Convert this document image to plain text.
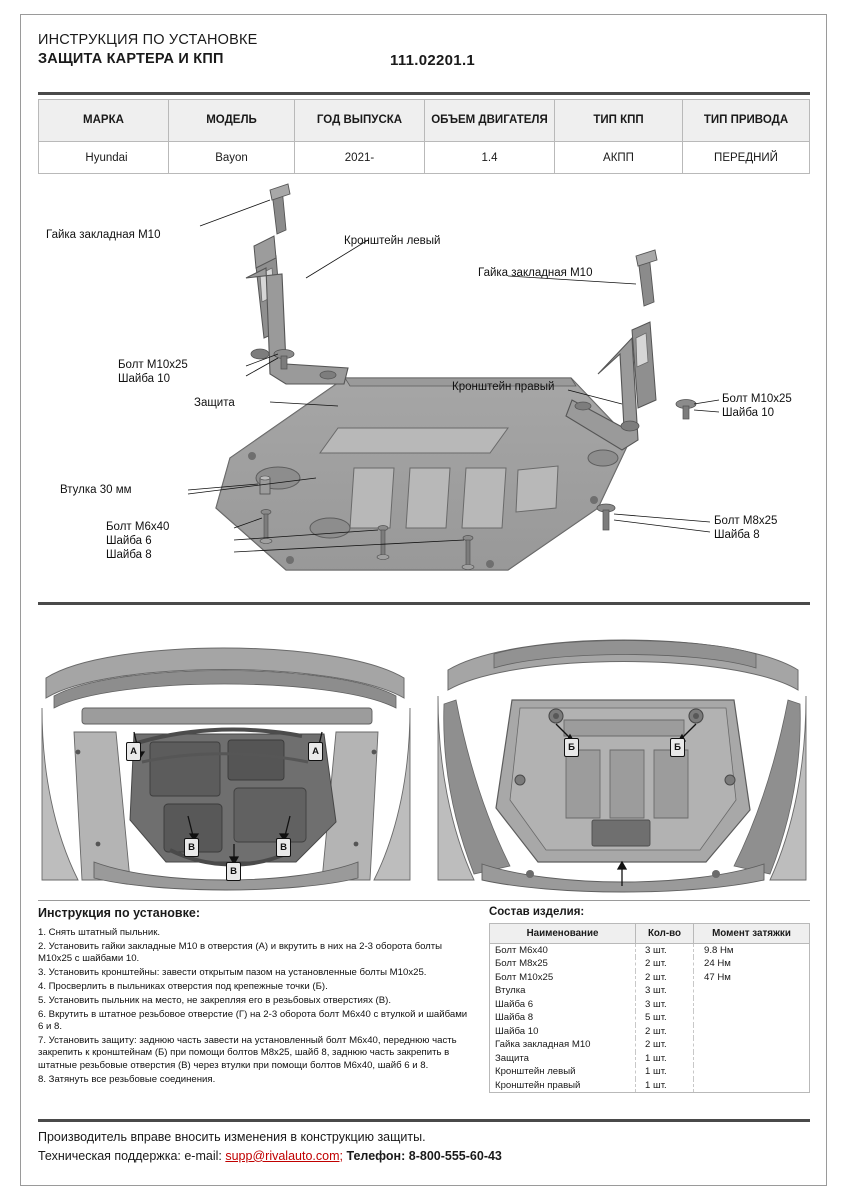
ИНСТРУКЦИЯ ПО УСТАНОВКЕ
ЗАЩИТА КАРТЕРА И КПП	111.02201.1
МАРКА	МОДЕЛЬ	ГОД ВЫПУСКА	ОБЪЕМ ДВИГАТЕЛЯ	ТИП КПП	ТИП ПРИВОДА
Hyundai	Bayon	2021-	1.4	АКПП	ПЕРЕДНИЙ
Гайка закладная М10	Кронштейн левый
Гайка закладная М10
Кронштейн правый
Болт М10х25
Шайба 10
Болт М10х25
Шайба 10
Защита
Втулка 30 мм
Болт М6х40
Шайба 6
Шайба 8
Болт М8х25
Шайба 8
А	А
В	В
В
Б	Б
Инструкция по установке:
1. Снять штатный пыльник.
2. Установить гайки закладные М10 в отверстия (А) и вкрутить в них на 2-3 оборота болты М10х25 с шайбами 10.
3. Установить кронштейны: завести открытым пазом на установленные болты М10х25.
4. Просверлить в пыльниках отверстия под крепежные точки (Б).
5. Установить пыльник на место, не закрепляя его в резьбовых отверстиях (В).
6. Вкрутить в штатное резьбовое отверстие (Г) на 2-3 оборота болт М6х40 с втулкой и шайбами 6 и 8.
7. Установить защиту: заднюю часть завести на установленный болт М6х40, переднюю часть закрепить к кронштейнам (Б) при помощи болтов М8х25, шайб 8, заднюю часть закрепить в штатные резьбовые отверстия (В) через втулки при помощи болтов М6х40, шайб 6 и 8.
8. Затянуть все резьбовые соединения.
Состав изделия:
Наименование	Кол-во	Момент затяжки
Болт М6х40	3 шт.	9.8 Нм
Болт М8х25	2 шт.	24 Нм
Болт М10х25	2 шт.	47 Нм
Втулка	3 шт.	
Шайба 6	3 шт.	
Шайба 8	5 шт.	
Шайба 10	2 шт.	
Гайка закладная М10	2 шт.	
Защита	1 шт.	
Кронштейн левый	1 шт.	
Кронштейн правый	1 шт.	
Производитель вправе вносить изменения в конструкцию защиты.
Техническая поддержка: e-mail: supp@rivalauto.com; Телефон: 8-800-555-60-43
